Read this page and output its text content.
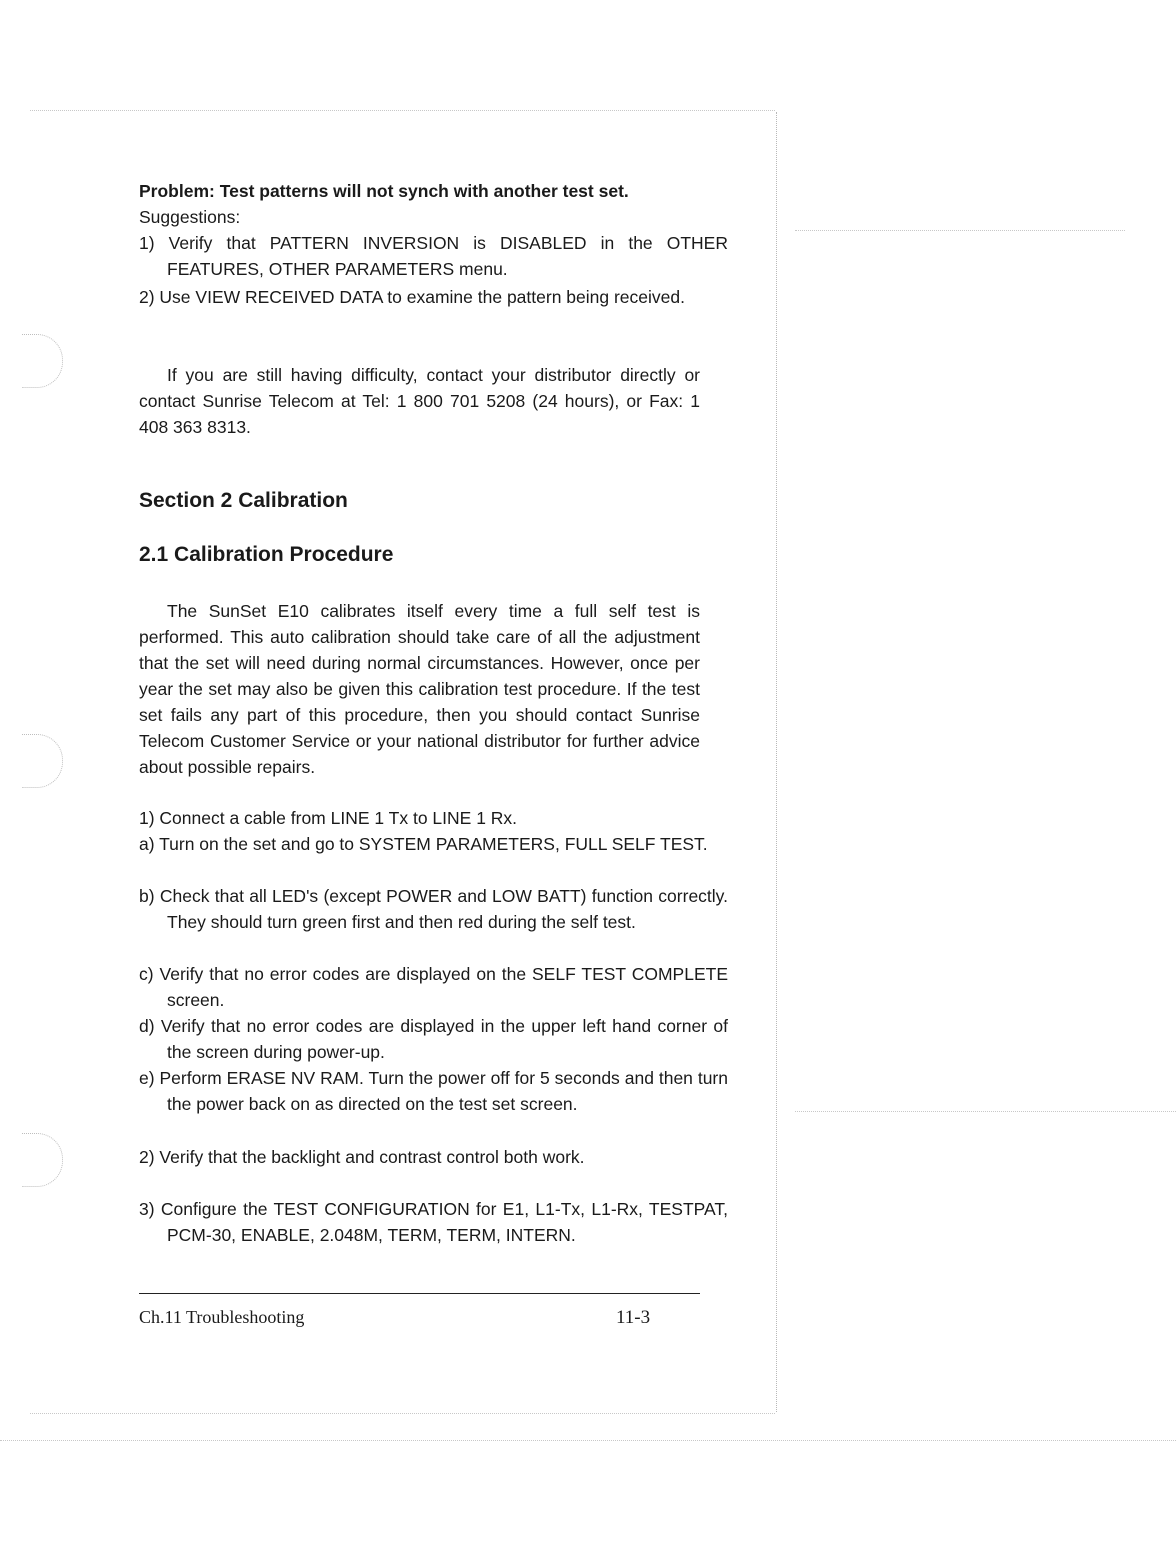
Problem: Test patterns will not synch with another test set.

Suggestions:

1) Verify that PATTERN INVERSION is DISABLED in the OTHER FEATURES, OTHER PARAMETERS menu.

2) Use VIEW RECEIVED DATA to examine the pattern being received.

If you are still having difficulty, contact your distributor directly or contact Sunrise Telecom at Tel: 1 800 701 5208 (24 hours), or Fax: 1 408 363 8313.

Section 2 Calibration
2.1 Calibration Procedure

The SunSet E10 calibrates itself every time a full self test is performed. This auto calibration should take care of all the adjustment that the set will need during normal circumstances. However, once per year the set may also be given this calibration test procedure. If the test set fails any part of this procedure, then you should contact Sunrise Telecom Customer Service or your national distributor for further advice about possible repairs.

1) Connect a cable from LINE 1 Tx to LINE 1 Rx.

a) Turn on the set and go to SYSTEM PARAMETERS, FULL SELF TEST.

b) Check that all LED's (except POWER and LOW BATT) function correctly. They should turn green first and then red during the self test.

c) Verify that no error codes are displayed on the SELF TEST COMPLETE screen.

d) Verify that no error codes are displayed in the upper left hand corner of the screen during power-up.

e) Perform ERASE NV RAM. Turn the power off for 5 seconds and then turn the power back on as directed on the test set screen.

2) Verify that the backlight and contrast control both work.

3) Configure the TEST CONFIGURATION for E1, L1-Tx, L1-Rx, TESTPAT, PCM-30, ENABLE, 2.048M, TERM, TERM, INTERN.

Ch.11 Troubleshooting	11-3
